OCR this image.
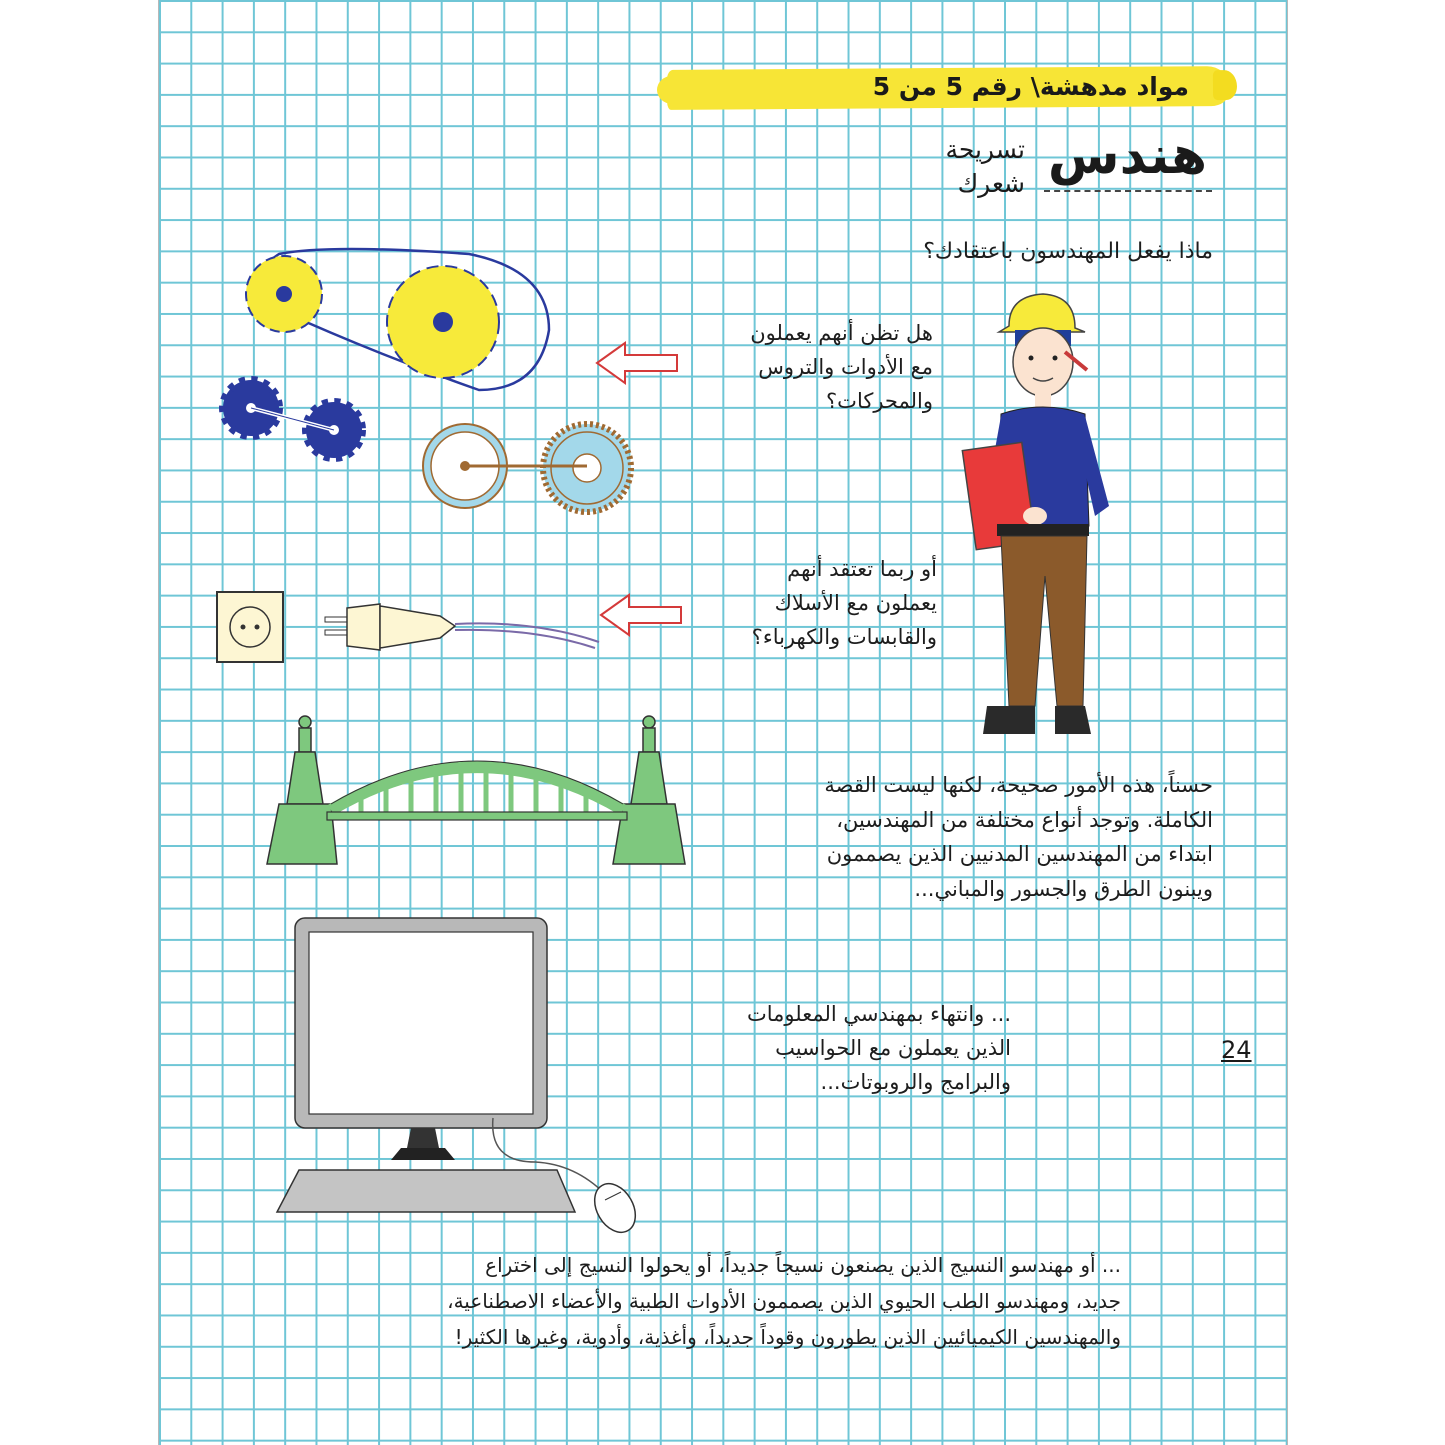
مواد مدهشة\ رقم 5 من 5
هندس
تسريحة
شعرك
ماذا يفعل المهندسون باعتقادك؟
هل تظن أنهم يعملون
مع الأدوات والتروس
والمحركات؟
أو ربما تعتقد أنهم
يعملون مع الأسلاك
والقابسات والكهرباء؟
حسناً، هذه الأمور صحيحة، لكنها ليست القصة
الكاملة. وتوجد أنواع مختلفة من المهندسين،
ابتداء من المهندسين المدنيين الذين يصممون
ويبنون الطرق والجسور والمباني...
... وانتهاء بمهندسي المعلومات
الذين يعملون مع الحواسيب
والبرامج والروبوتات...
... أو مهندسو النسيج الذين يصنعون نسيجاً جديداً، أو يحولوا النسيج إلى اختراع
جديد، ومهندسو الطب الحيوي الذين يصممون الأدوات الطبية والأعضاء الاصطناعية،
والمهندسين الكيميائيين الذين يطورون وقوداً جديداً، وأغذية، وأدوية، وغيرها الكثير!
24
